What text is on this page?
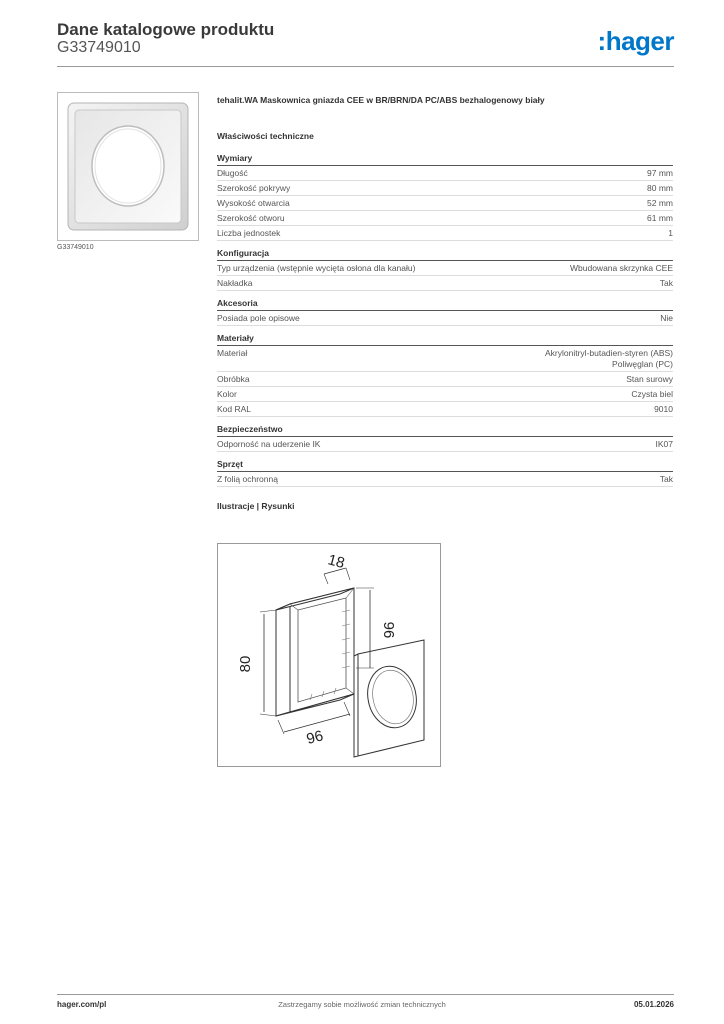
Dane katalogowe produktu
G33749010	:hager
G33749010
tehalit.WA Maskownica gniazda CEE w BR/BRN/DA PC/ABS bezhalogenowy biały
Właściwości techniczne
Wymiary
Długość	97 mm
Szerokość pokrywy	80 mm
Wysokość otwarcia	52 mm
Szerokość otworu	61 mm
Liczba jednostek	1
Konfiguracja
Typ urządzenia (wstępnie wycięta osłona dla kanału)	Wbudowana skrzynka CEE
Nakładka	Tak
Akcesoria
Posiada pole opisowe	Nie
Materiały
Materiał	Akrylonitryl-butadien-styren (ABS)
Poliwęglan (PC)
Obróbka	Stan surowy
Kolor	Czysta biel
Kod RAL	9010
Bezpieczeństwo
Odporność na uderzenie IK	IK07
Sprzęt
Z folią ochronną	Tak
Ilustracje | Rysunki
18
96
80
96
hager.com/pl	Zastrzegamy sobie możliwość zmian technicznych	05.01.2026
